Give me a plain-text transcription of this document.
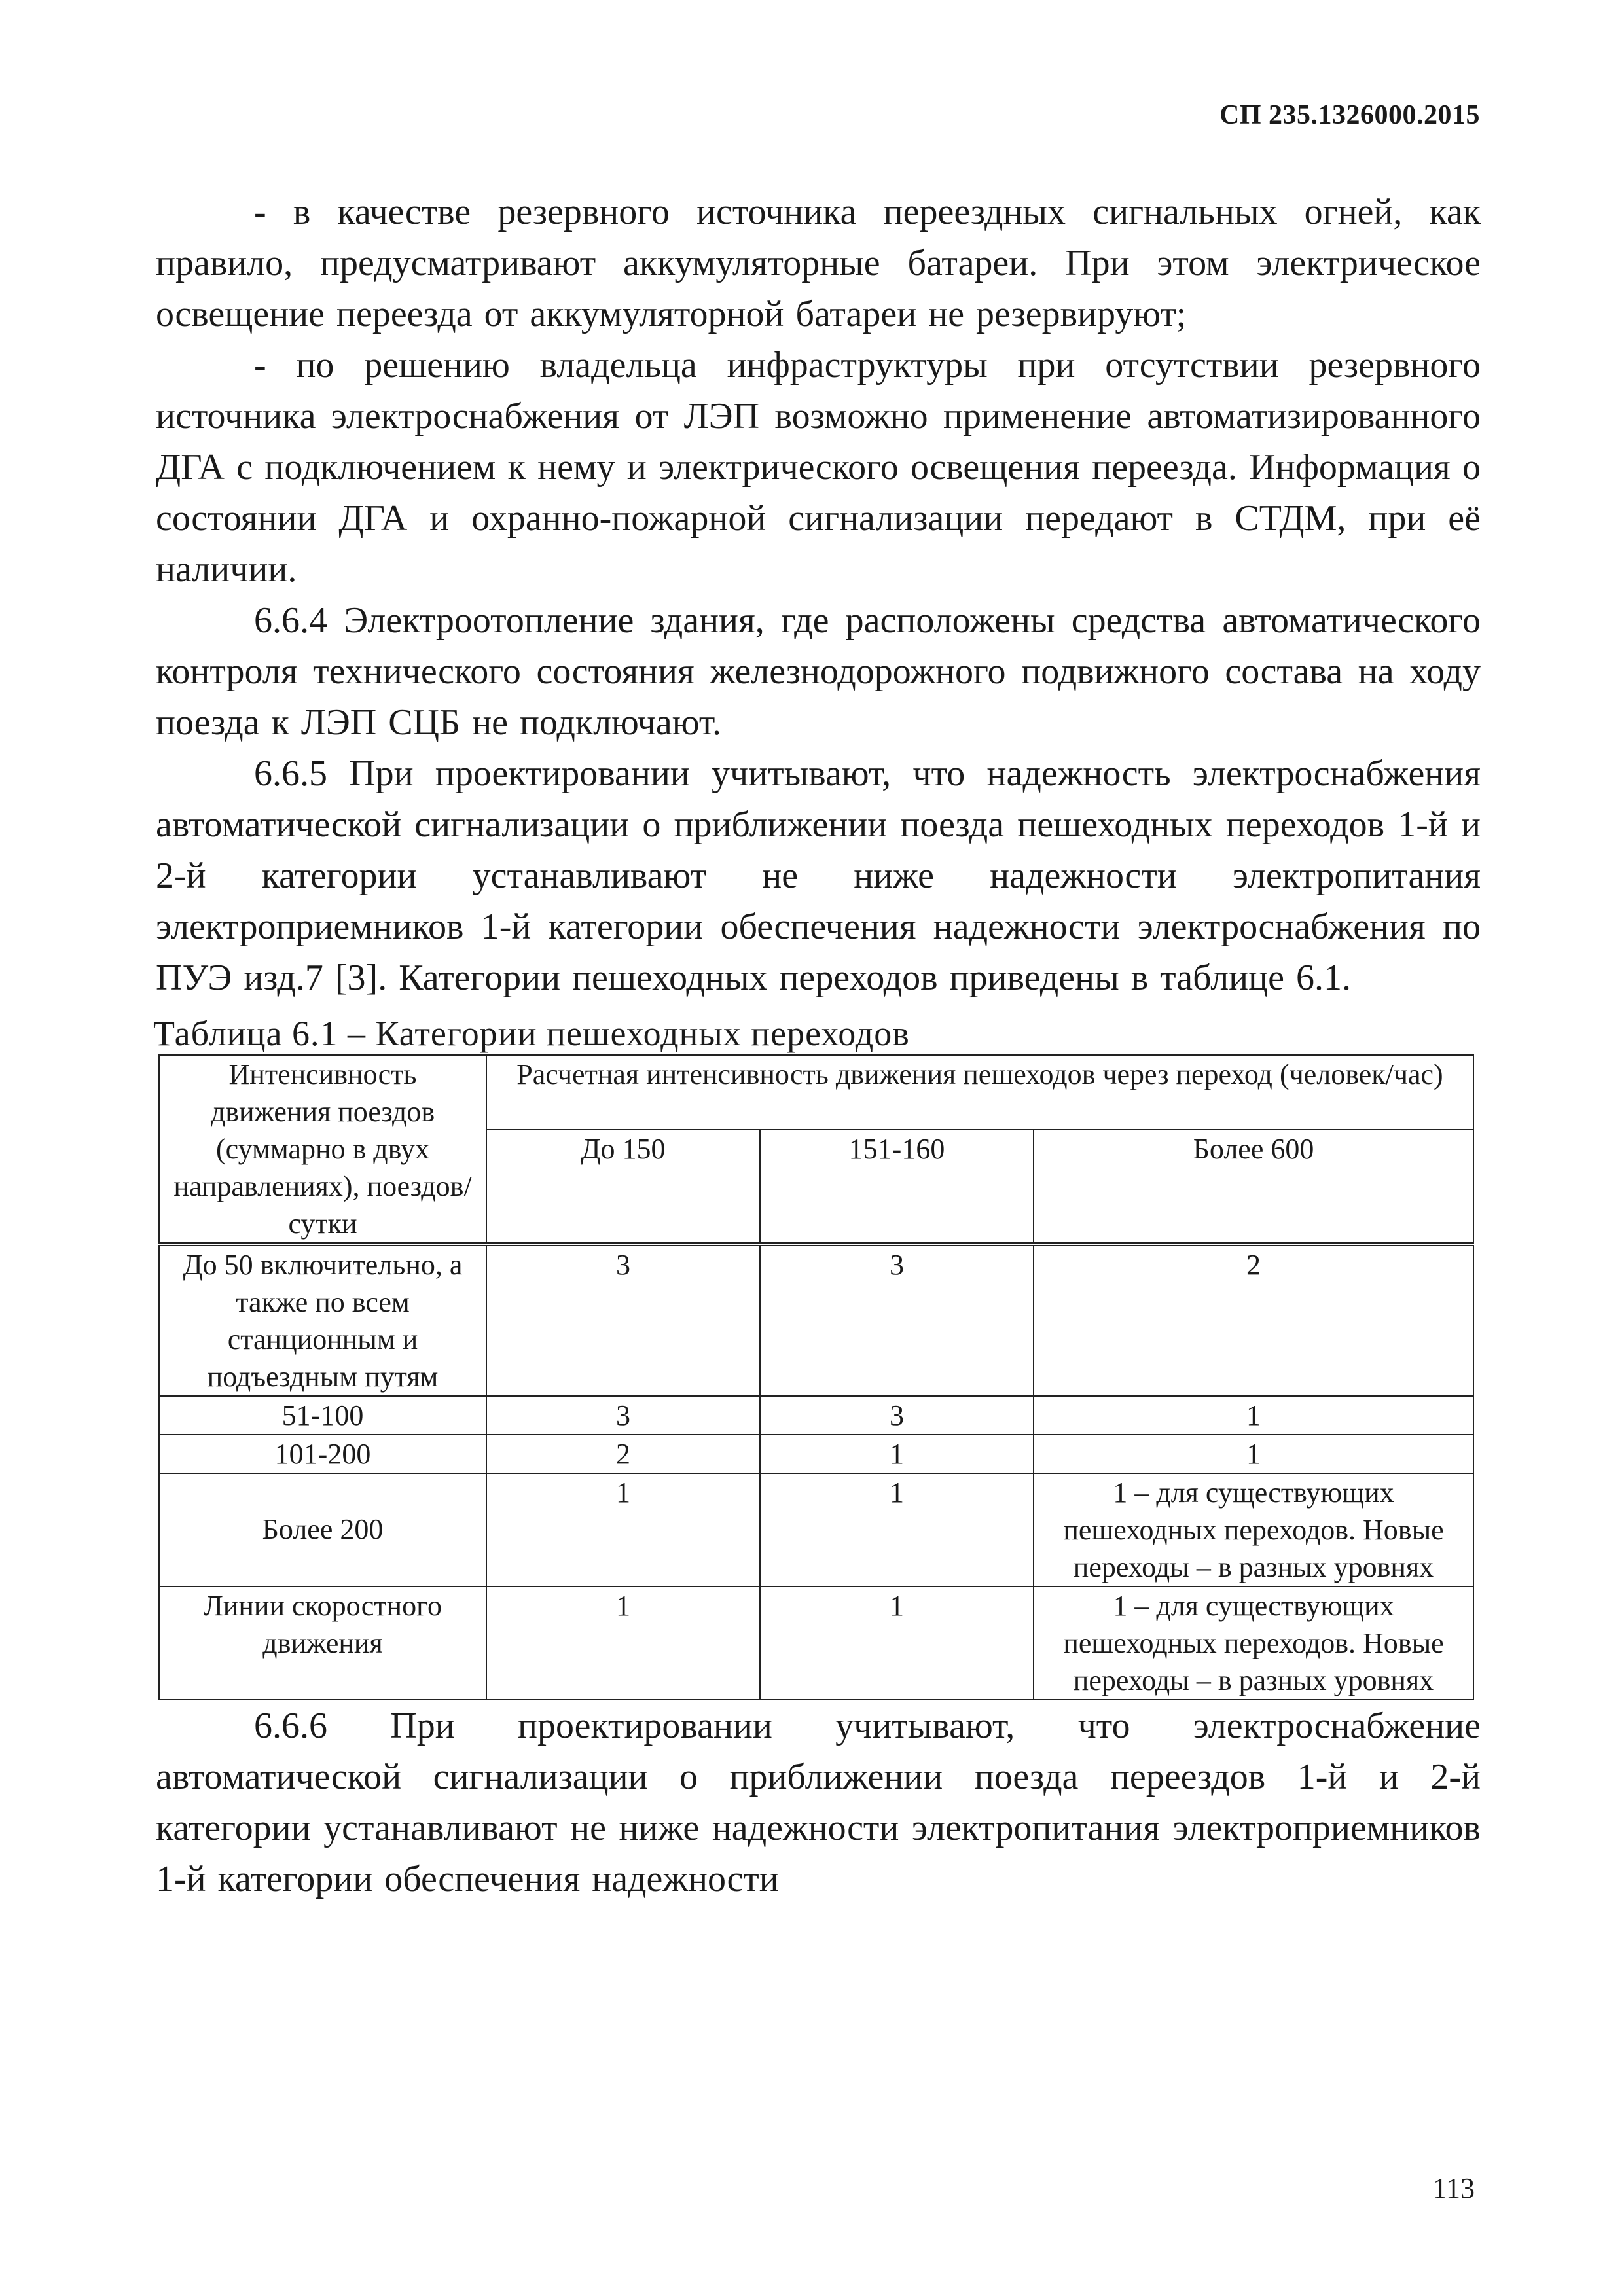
СП 235.1326000.2015

- в качестве резервного источника переездных сигнальных огней, как правило, предусматривают аккумуляторные батареи. При этом электрическое освещение переезда от аккумуляторной батареи не резервируют;

- по решению владельца инфраструктуры при отсутствии резервного источника электроснабжения от ЛЭП возможно применение автоматизированного ДГА с подключением к нему и электрического освещения переезда. Информация о состоянии ДГА и охранно-пожарной сигнализации передают в СТДМ, при её наличии.

6.6.4 Электроотопление здания, где расположены средства автоматического контроля технического состояния железнодорожного подвижного состава на ходу поезда к ЛЭП СЦБ не подключают.

6.6.5 При проектировании учитывают, что надежность электроснабжения автоматической сигнализации о приближении поезда пешеходных переходов 1-й и 2-й категории устанавливают не ниже надежности электропитания электроприемников 1-й категории обеспечения надежности электроснабжения по ПУЭ изд.7 [3]. Категории пешеходных переходов приведены в таблице 6.1.

Таблица 6.1 – Категории пешеходных переходов

Интенсивность движения поездов (суммарно в двух направлениях), поездов/сутки	Расчетная интенсивность движения пешеходов через переход (человек/час)		
	До 150	151-160	Более 600
До 50 включительно, а также по всем станционным и подъездным путям	3	3	2
51-100	3	3	1
101-200	2	1	1
Более 200	1	1	1 – для существующих пешеходных переходов. Новые переходы – в разных уровнях
Линии скоростного движения	1	1	1 – для существующих пешеходных переходов. Новые переходы – в разных уровнях

6.6.6 При проектировании учитывают, что электроснабжение автоматической сигнализации о приближении поезда переездов 1-й и 2-й категории устанавливают не ниже надежности электропитания электроприемников 1-й категории обеспечения надежности

113
